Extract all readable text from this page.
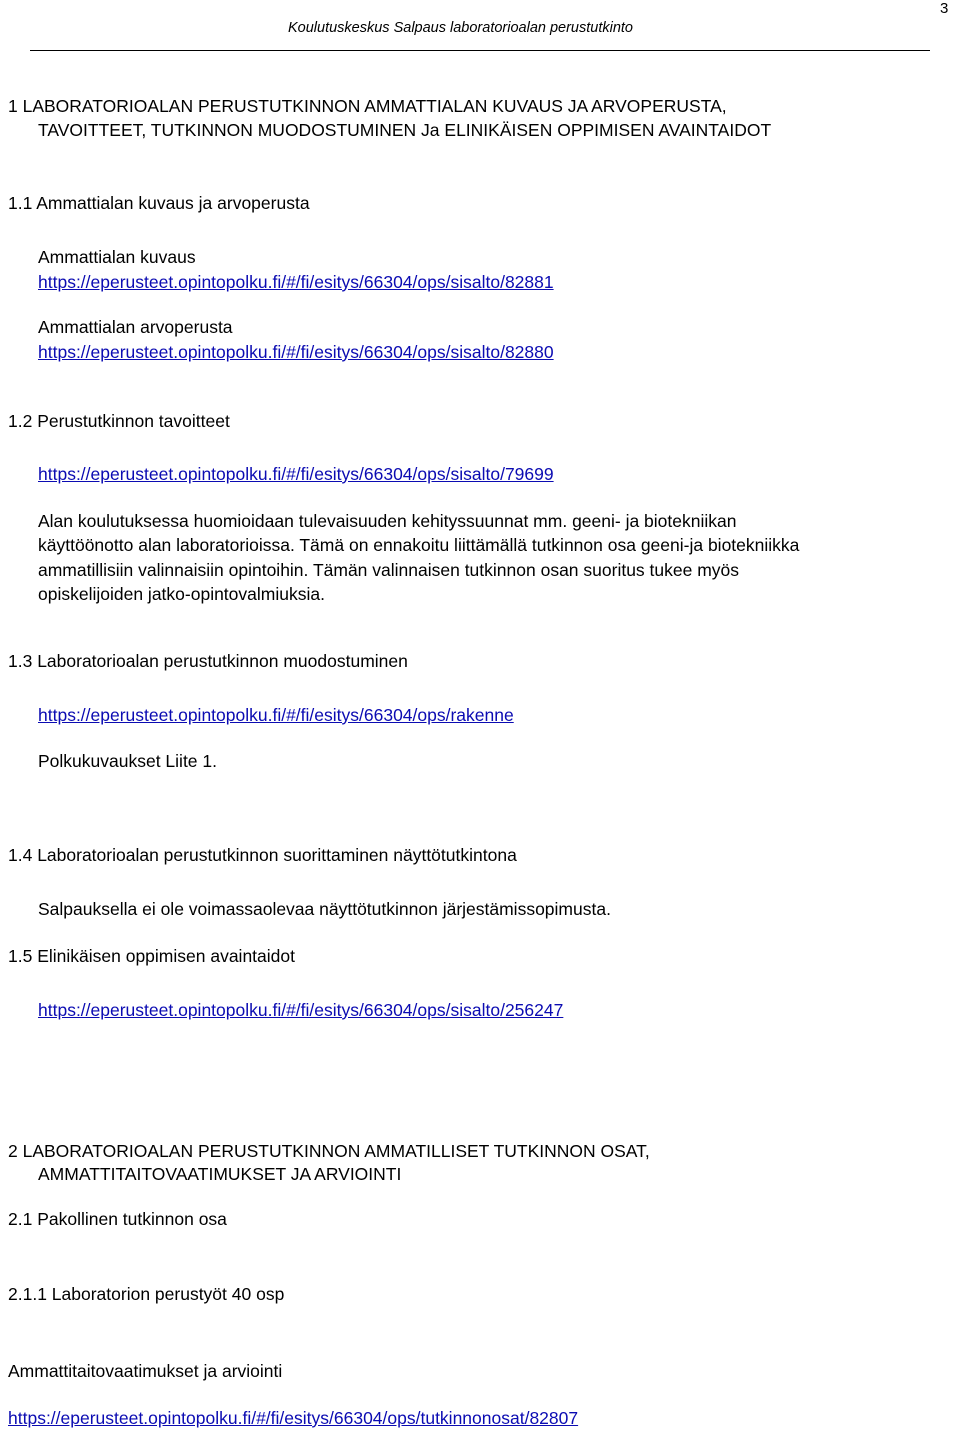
Koulutuskeskus Salpaus laboratorioalan perustutkinto
3
1 LABORATORIOALAN PERUSTUTKINNON AMMATTIALAN KUVAUS JA ARVOPERUSTA,
TAVOITTEET, TUTKINNON MUODOSTUMINEN Ja ELINIKÄISEN OPPIMISEN AVAINTAIDOT
1.1 Ammattialan kuvaus ja arvoperusta
Ammattialan kuvaus
https://eperusteet.opintopolku.fi/#/fi/esitys/66304/ops/sisalto/82881
Ammattialan arvoperusta
https://eperusteet.opintopolku.fi/#/fi/esitys/66304/ops/sisalto/82880
1.2 Perustutkinnon tavoitteet
https://eperusteet.opintopolku.fi/#/fi/esitys/66304/ops/sisalto/79699
Alan koulutuksessa huomioidaan tulevaisuuden kehityssuunnat mm. geeni- ja biotekniikan
käyttöönotto alan laboratorioissa. Tämä on ennakoitu liittämällä tutkinnon osa geeni-ja biotekniikka
ammatillisiin valinnaisiin opintoihin. Tämän valinnaisen tutkinnon osan suoritus tukee myös
opiskelijoiden jatko-opintovalmiuksia.
1.3 Laboratorioalan perustutkinnon muodostuminen
https://eperusteet.opintopolku.fi/#/fi/esitys/66304/ops/rakenne
Polkukuvaukset Liite 1.
1.4 Laboratorioalan perustutkinnon suorittaminen näyttötutkintona
Salpauksella ei ole voimassaolevaa näyttötutkinnon järjestämissopimusta.
1.5 Elinikäisen oppimisen avaintaidot
https://eperusteet.opintopolku.fi/#/fi/esitys/66304/ops/sisalto/256247
2 LABORATORIOALAN PERUSTUTKINNON AMMATILLISET TUTKINNON OSAT,
AMMATTITAITOVAATIMUKSET JA ARVIOINTI
2.1 Pakollinen tutkinnon osa
2.1.1 Laboratorion perustyöt 40 osp
Ammattitaitovaatimukset ja arviointi
https://eperusteet.opintopolku.fi/#/fi/esitys/66304/ops/tutkinnonosat/82807
